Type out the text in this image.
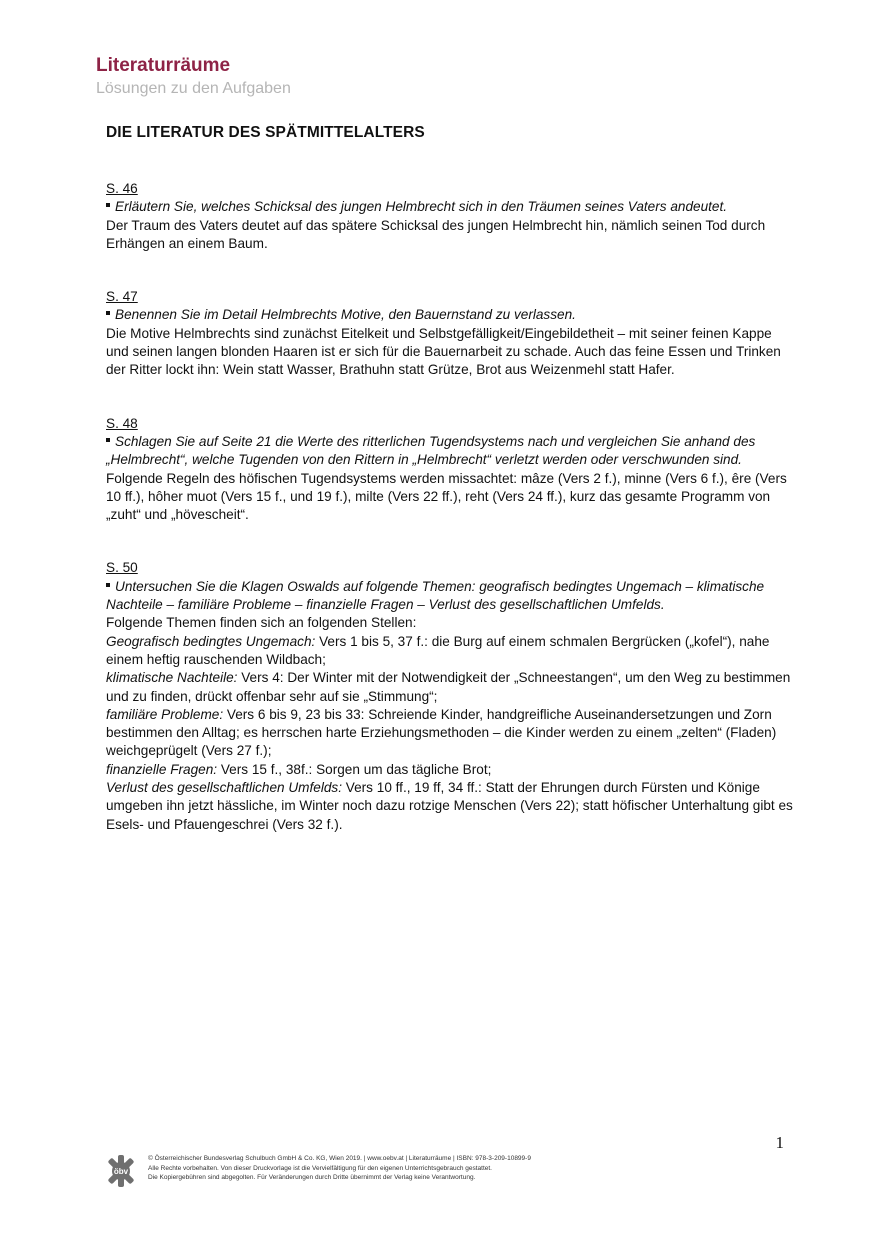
Literaturräume
Lösungen zu den Aufgaben
DIE LITERATUR DES SPÄTMITTELALTERS
S. 46
Erläutern Sie, welches Schicksal des jungen Helmbrecht sich in den Träumen seines Vaters andeutet.
Der Traum des Vaters deutet auf das spätere Schicksal des jungen Helmbrecht hin, nämlich seinen Tod durch Erhängen an einem Baum.
S. 47
Benennen Sie im Detail Helmbrechts Motive, den Bauernstand zu verlassen.
Die Motive Helmbrechts sind zunächst Eitelkeit und Selbstgefälligkeit/Eingebildetheit – mit seiner feinen Kappe und seinen langen blonden Haaren ist er sich für die Bauernarbeit zu schade. Auch das feine Essen und Trinken der Ritter lockt ihn: Wein statt Wasser, Brathuhn statt Grütze, Brot aus Weizenmehl statt Hafer.
S. 48
Schlagen Sie auf Seite 21 die Werte des ritterlichen Tugendsystems nach und vergleichen Sie anhand des „Helmbrecht“, welche Tugenden von den Rittern in „Helmbrecht“ verletzt werden oder verschwunden sind.
Folgende Regeln des höfischen Tugendsystems werden missachtet: mâze (Vers 2 f.), minne (Vers 6 f.), êre (Vers 10 ff.), hôher muot (Vers 15 f., und 19 f.), milte (Vers 22 ff.), reht (Vers 24 ff.), kurz das gesamte Programm von „zuht“ und „hövescheit“.
S. 50
Untersuchen Sie die Klagen Oswalds auf folgende Themen: geografisch bedingtes Ungemach – klimatische Nachteile – familiäre Probleme – finanzielle Fragen – Verlust des gesellschaftlichen Umfelds.
Folgende Themen finden sich an folgenden Stellen:
Geografisch bedingtes Ungemach: Vers 1 bis 5, 37 f.: die Burg auf einem schmalen Bergrücken („kofel“), nahe einem heftig rauschenden Wildbach;
klimatische Nachteile: Vers 4: Der Winter mit der Notwendigkeit der „Schneestangen“, um den Weg zu bestimmen und zu finden, drückt offenbar sehr auf sie „Stimmung“;
familiäre Probleme: Vers 6 bis 9, 23 bis 33: Schreiende Kinder, handgreifliche Auseinandersetzungen und Zorn bestimmen den Alltag; es herrschen harte Erziehungsmethoden – die Kinder werden zu einem „zelten“ (Fladen) weichgeprügelt (Vers 27 f.);
finanzielle Fragen: Vers 15 f., 38f.: Sorgen um das tägliche Brot;
Verlust des gesellschaftlichen Umfelds: Vers 10 ff., 19 ff, 34 ff.: Statt der Ehrungen durch Fürsten und Könige umgeben ihn jetzt hässliche, im Winter noch dazu rotzige Menschen (Vers 22); statt höfischer Unterhaltung gibt es Esels- und Pfauengeschrei (Vers 32 f.).
1
öbv
© Österreichischer Bundesverlag Schulbuch GmbH & Co. KG, Wien 2019. | www.oebv.at | Literaturräume | ISBN: 978-3-209-10899-9
Alle Rechte vorbehalten. Von dieser Druckvorlage ist die Vervielfältigung für den eigenen Unterrichtsgebrauch gestattet.
Die Kopiergebühren sind abgegolten. Für Veränderungen durch Dritte übernimmt der Verlag keine Verantwortung.
